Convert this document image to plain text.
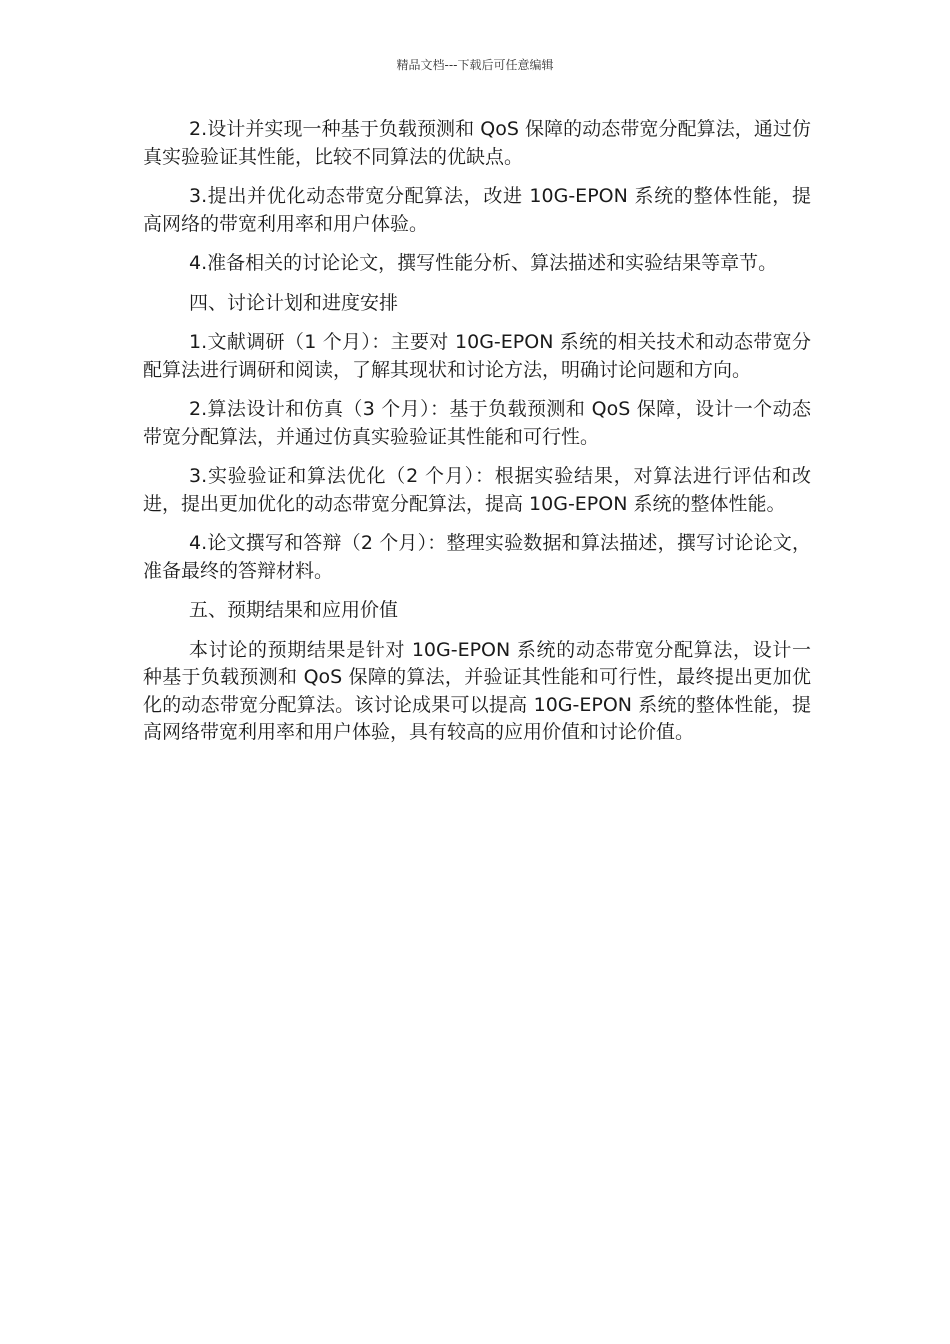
精品文档---下载后可任意编辑

2.设计并实现一种基于负载预测和 QoS 保障的动态带宽分配算法，通过仿真实验验证其性能，比较不同算法的优缺点。

3.提出并优化动态带宽分配算法，改进 10G-EPON 系统的整体性能，提高网络的带宽利用率和用户体验。

4.准备相关的讨论论文，撰写性能分析、算法描述和实验结果等章节。

四、讨论计划和进度安排

1.文献调研（1 个月）：主要对 10G-EPON 系统的相关技术和动态带宽分配算法进行调研和阅读，了解其现状和讨论方法，明确讨论问题和方向。

2.算法设计和仿真（3 个月）：基于负载预测和 QoS 保障，设计一个动态带宽分配算法，并通过仿真实验验证其性能和可行性。

3.实验验证和算法优化（2 个月）：根据实验结果，对算法进行评估和改进，提出更加优化的动态带宽分配算法，提高 10G-EPON 系统的整体性能。

4.论文撰写和答辩（2 个月）：整理实验数据和算法描述，撰写讨论论文，准备最终的答辩材料。

五、预期结果和应用价值

本讨论的预期结果是针对 10G-EPON 系统的动态带宽分配算法，设计一种基于负载预测和 QoS 保障的算法，并验证其性能和可行性，最终提出更加优化的动态带宽分配算法。该讨论成果可以提高 10G-EPON 系统的整体性能，提高网络带宽利用率和用户体验，具有较高的应用价值和讨论价值。
